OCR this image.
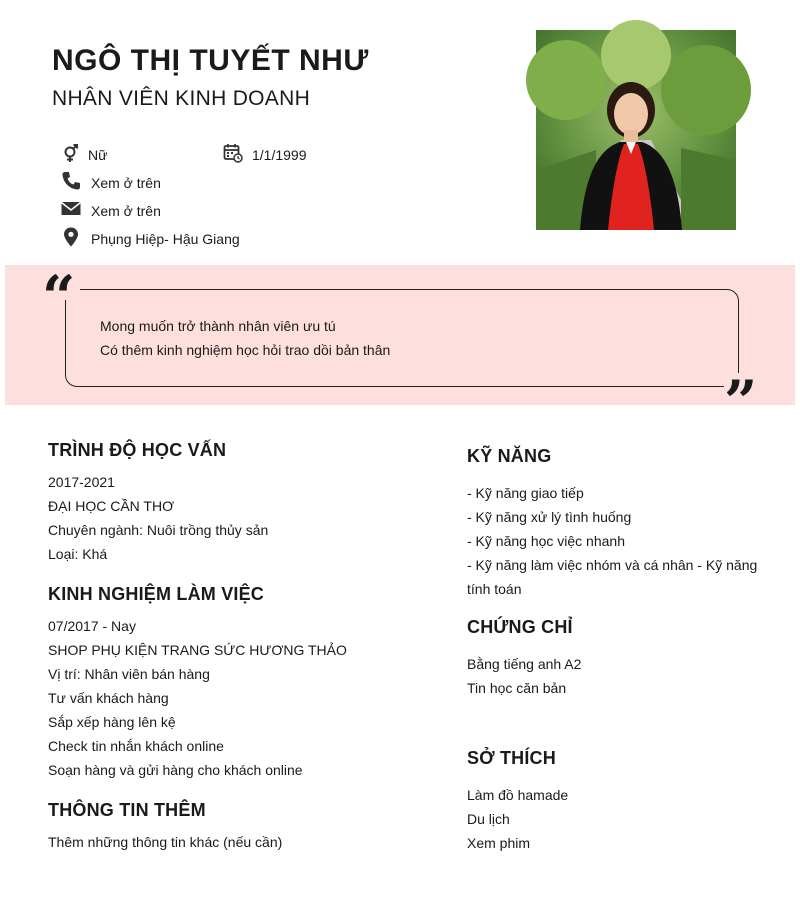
NGÔ THỊ TUYẾT NHƯ
NHÂN VIÊN KINH DOANH
Nữ	1/1/1999
Xem ở trên
Xem ở trên
Phụng Hiệp- Hậu Giang
“
”
Mong muốn trở thành nhân viên ưu tú
Có thêm kinh nghiệm học hỏi trao dồi bản thân
TRÌNH ĐỘ HỌC VẤN
2017-2021
ĐẠI HỌC CẦN THƠ
Chuyên ngành: Nuôi trồng thủy sản
Loại: Khá
KINH NGHIỆM LÀM VIỆC
07/2017 - Nay
SHOP PHỤ KIỆN TRANG SỨC HƯƠNG THẢO
Vị trí: Nhân viên bán hàng
Tư vấn khách hàng
Sắp xếp hàng lên kệ
Check tin nhắn khách online
Soạn hàng và gửi hàng cho khách online
THÔNG TIN THÊM
Thêm những thông tin khác (nếu cần)
KỸ NĂNG
- Kỹ năng giao tiếp
- Kỹ năng xử lý tình huống
- Kỹ năng học việc nhanh
- Kỹ năng làm việc nhóm và cá nhân - Kỹ năng
tính toán
CHỨNG CHỈ
Bằng tiếng anh A2
Tin học căn bản
SỞ THÍCH
Làm đồ hamade
Du lịch
Xem phim
